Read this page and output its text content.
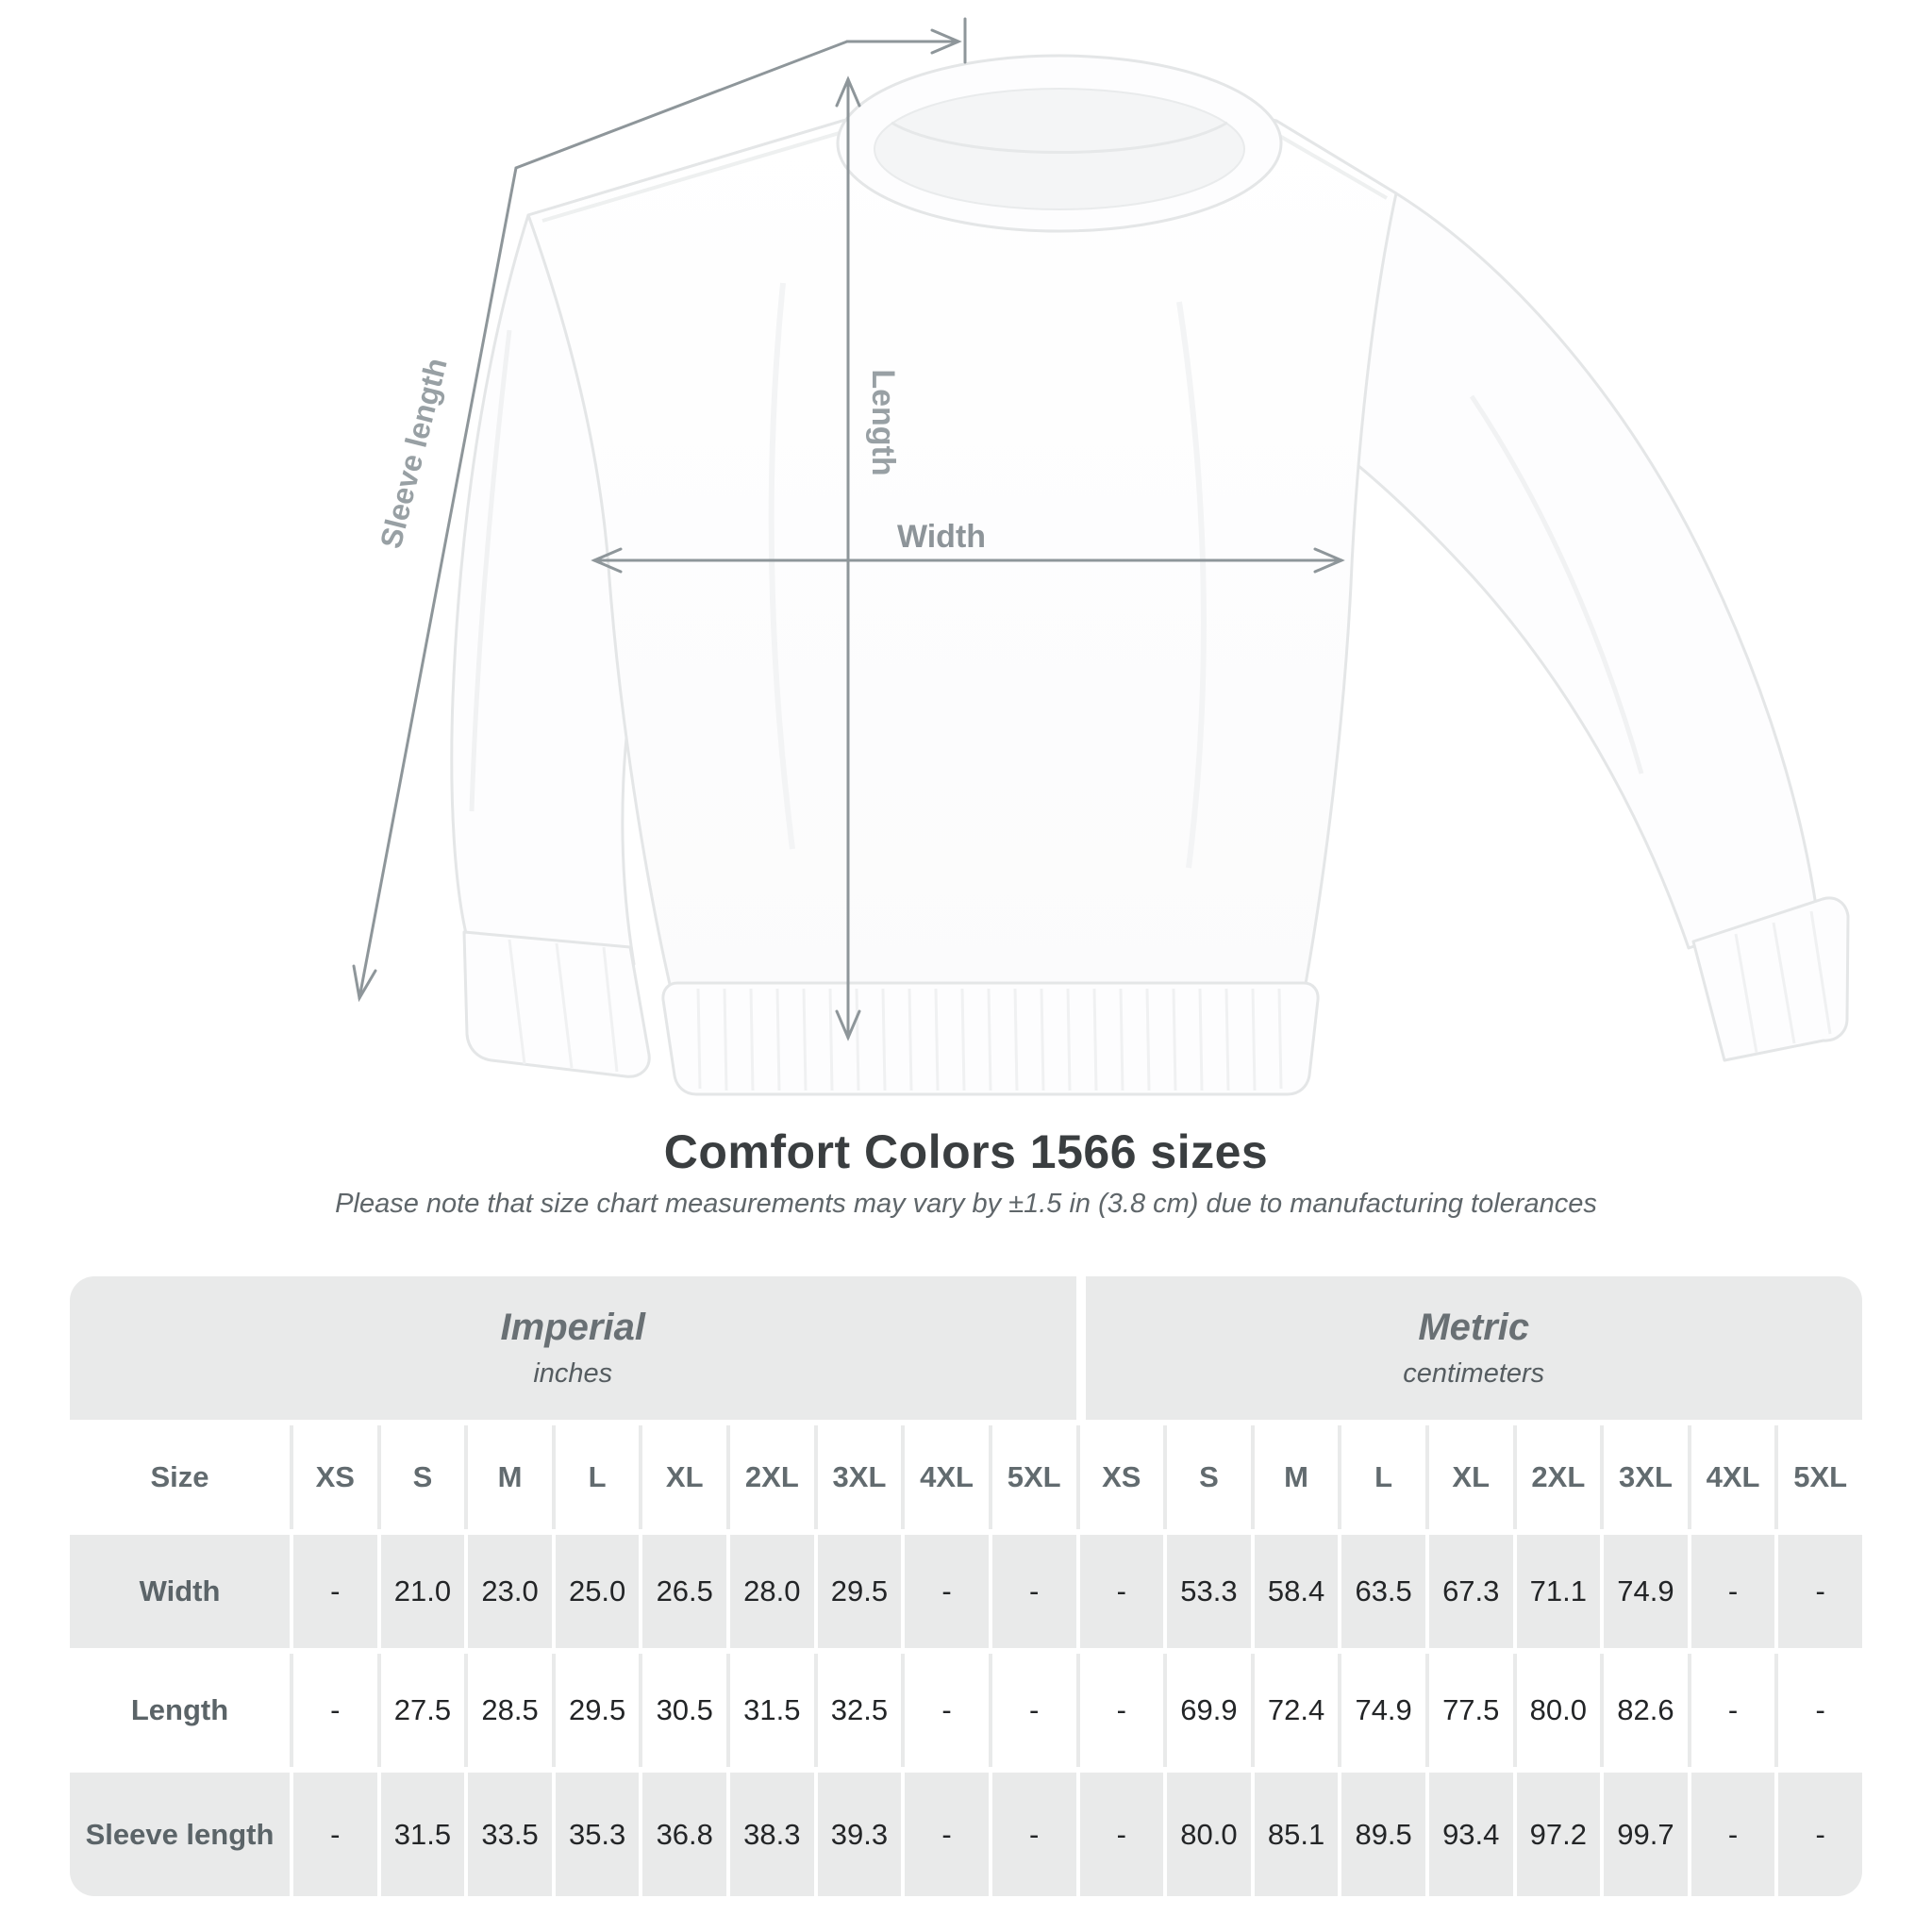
Length
Width
Sleeve length
Comfort Colors 1566 sizes
Please note that size chart measurements may vary by ±1.5 in (3.8 cm) due to manufacturing tolerances
Imperial
inches
Metric
centimeters
Size	XS S M L XL 2XL 3XL 4XL 5XL XS S M L XL 2XL 3XL 4XL 5XL
Width	- 21.0 23.0 25.0 26.5 28.0 29.5 -	-	- 53.3 58.4 63.5 67.3 71.1 74.9 -	-
Length	- 27.5 28.5 29.5 30.5 31.5 32.5 -	-	- 69.9 72.4 74.9 77.5 80.0 82.6 -	-
Sleeve length - 31.5 33.5 35.3 36.8 38.3 39.3 -	-	- 80.0 85.1 89.5 93.4 97.2 99.7 -	-
